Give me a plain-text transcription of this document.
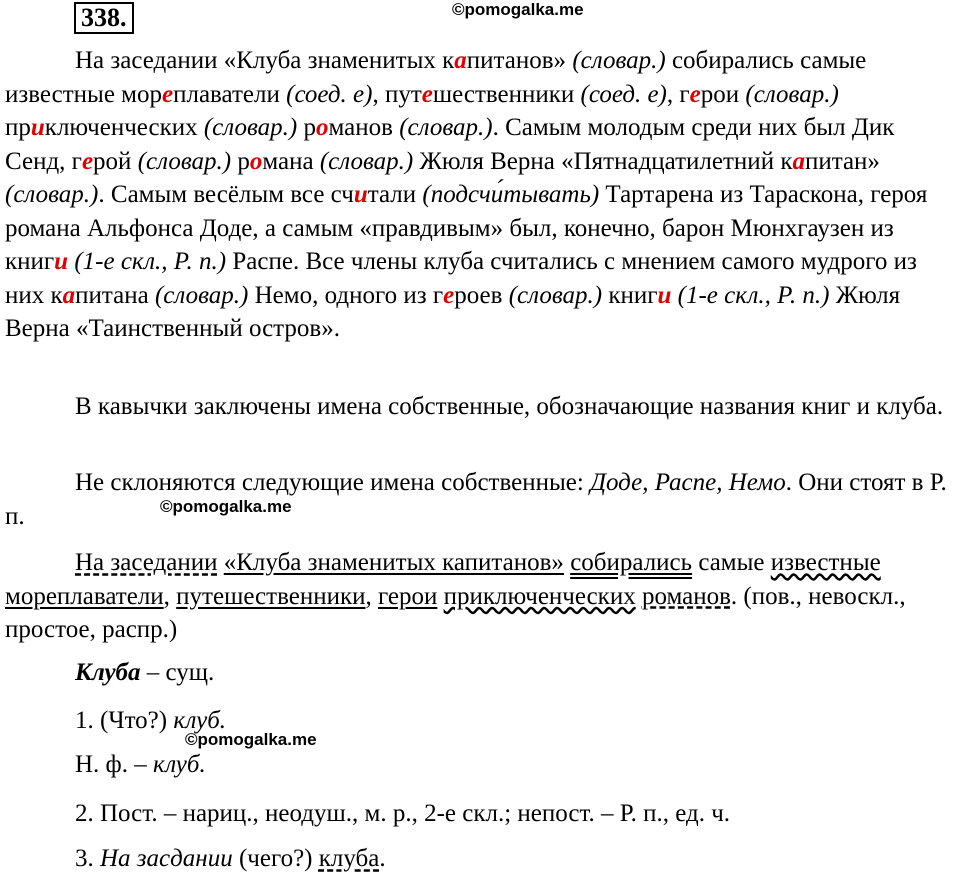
338.	©pomogalka.me

На заседании «Клуба знаменитых капитанов» (словар.) собирались самые известные мореплаватели (соед. е), путешественники (соед. е), герои (словар.) приключенческих (словар.) романов (словар.). Самым молодым среди них был Дик Сенд, герой (словар.) романа (словар.) Жюля Верна «Пятнадцатилетний капитан» (словар.). Самым весёлым все считали (подсчи́тывать) Тартарена из Тараскона, героя романа Альфонса Доде, а самым «правдивым» был, конечно, барон Мюнхгаузен из книги (1-е скл., Р. п.) Распе. Все члены клуба считались с мнением самого мудрого из них капитана (словар.) Немо, одного из героев (словар.) книги (1-е скл., Р. п.) Жюля Верна «Таинственный остров».

В кавычки заключены имена собственные, обозначающие названия книг и клуба.

Не склоняются следующие имена собственные: Доде, Распе, Немо. Они стоят в Р. п.	©pomogalka.me

На заседании «Клуба знаменитых капитанов» собирались самые известные мореплаватели, путешественники, герои приключенческих романов. (пов., невоскл., простое, распр.)

Клуба – сущ.
1. (Что?) клуб.
©pomogalka.me
Н. ф. – клуб.
2. Пост. – нариц., неодуш., м. р., 2-е скл.; непост. – Р. п., ед. ч.
3. На засдании (чего?) клуба.
